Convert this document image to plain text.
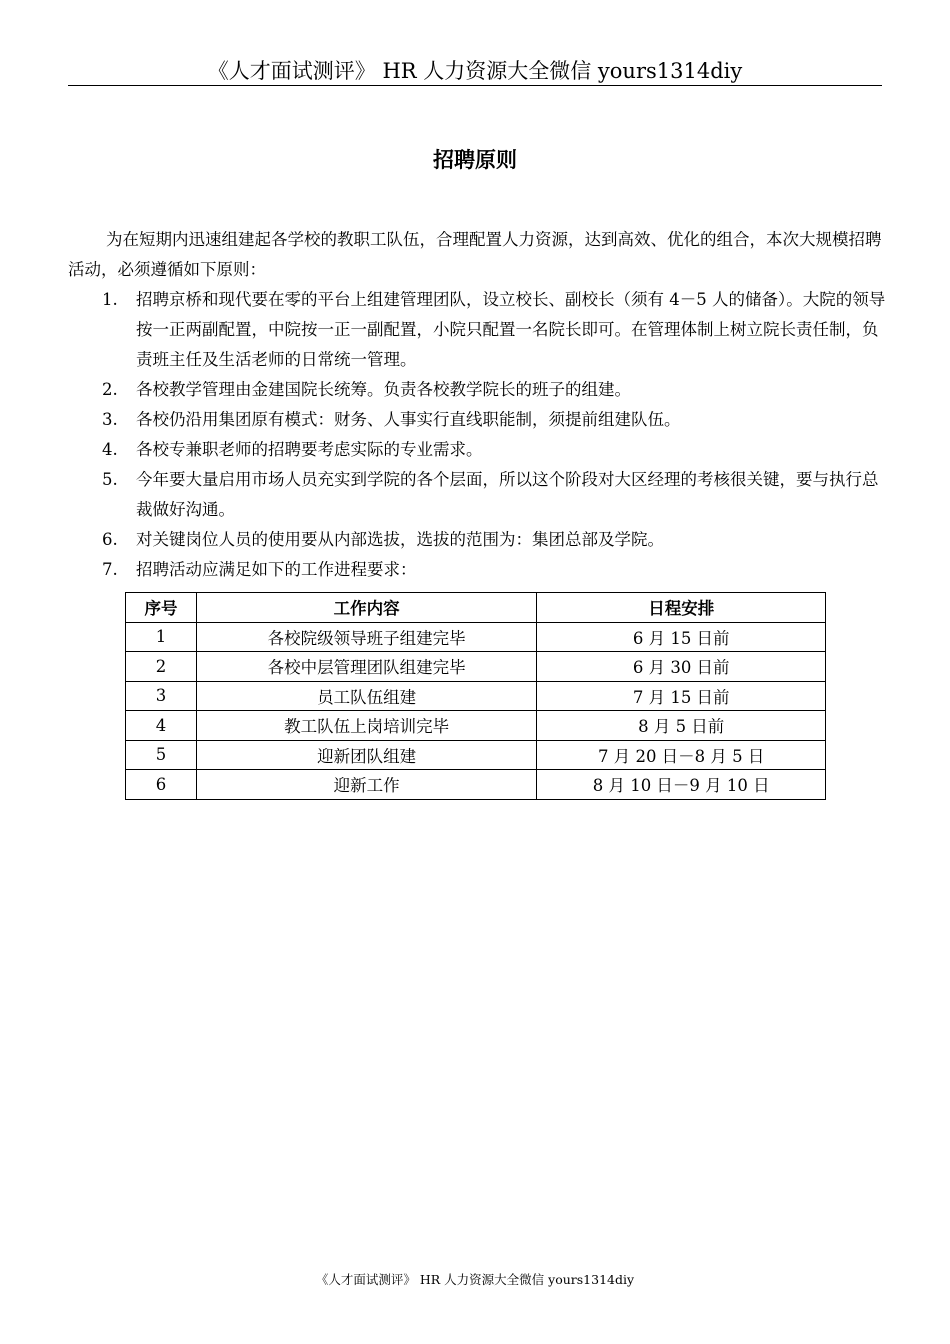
《人才面试测评》 HR 人力资源大全微信 yours1314diy
招聘原则

为在短期内迅速组建起各学校的教职工队伍，合理配置人力资源，达到高效、优化的组合，本次大规模招聘活动，必须遵循如下原则：

1. 招聘京桥和现代要在零的平台上组建管理团队，设立校长、副校长（须有 4－5 人的储备）。大院的领导按一正两副配置，中院按一正一副配置，小院只配置一名院长即可。在管理体制上树立院长责任制，负责班主任及生活老师的日常统一管理。
2. 各校教学管理由金建国院长统筹。负责各校教学院长的班子的组建。
3. 各校仍沿用集团原有模式：财务、人事实行直线职能制，须提前组建队伍。
4. 各校专兼职老师的招聘要考虑实际的专业需求。
5. 今年要大量启用市场人员充实到学院的各个层面，所以这个阶段对大区经理的考核很关键，要与执行总裁做好沟通。
6. 对关键岗位人员的使用要从内部选拔，选拔的范围为：集团总部及学院。
7. 招聘活动应满足如下的工作进程要求：
序号	工作内容	日程安排
1	各校院级领导班子组建完毕	6 月 15 日前
2	各校中层管理团队组建完毕	6 月 30 日前
3	员工队伍组建	7 月 15 日前
4	教工队伍上岗培训完毕	8 月 5 日前
5	迎新团队组建	7 月 20 日－8 月 5 日
6	迎新工作	8 月 10 日－9 月 10 日
《人才面试测评》 HR 人力资源大全微信 yours1314diy
